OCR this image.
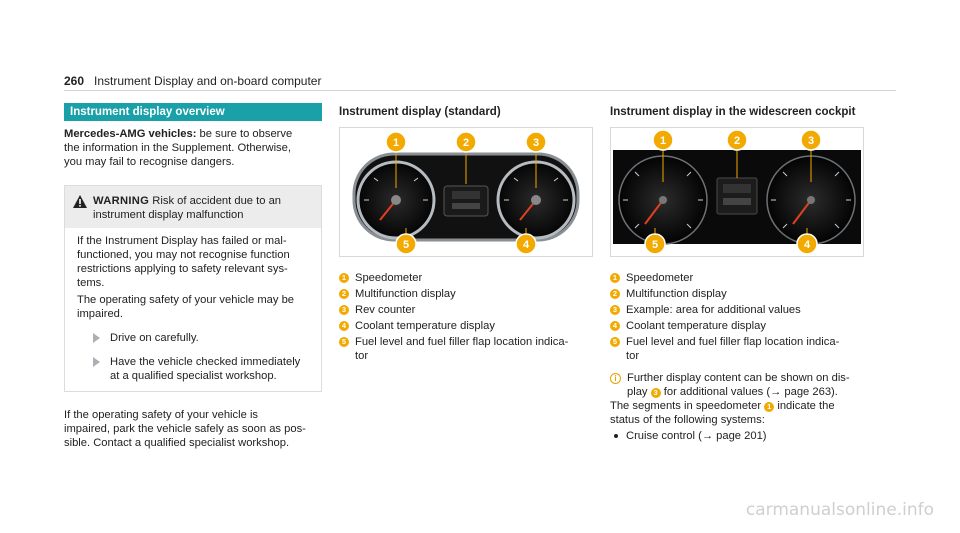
260 Instrument Display and on-board computer
Instrument display overview
Mercedes-AMG vehicles: be sure to observe
the information in the Supplement. Otherwise,
you may fail to recognise dangers.
WARNING Risk of accident due to an
instrument display malfunction

If the Instrument Display has failed or mal-
functioned, you may not recognise function
restrictions applying to safety relevant sys-
tems.

The operating safety of your vehicle may be
impaired.

Drive on carefully.
Have the vehicle checked immediately
at a qualified specialist workshop.
If the operating safety of your vehicle is
impaired, park the vehicle safely as soon as pos-
sible. Contact a qualified specialist workshop.
Instrument display (standard)
1	2	3
4
5
1 Speedometer
2 Multifunction display
3 Rev counter
4 Coolant temperature display
5 Fuel level and fuel filler flap location indica-
tor
Instrument display in the widescreen cockpit
1	2	3
4
5
1 Speedometer
2 Multifunction display
3 Example: area for additional values
4 Coolant temperature display
5 Fuel level and fuel filler flap location indica-
tor
i Further display content can be shown on dis-
play 3 for additional values (→ page 263).
The segments in speedometer 1 indicate the
status of the following systems:
Cruise control (→ page 201)
carmanualsonline.info
